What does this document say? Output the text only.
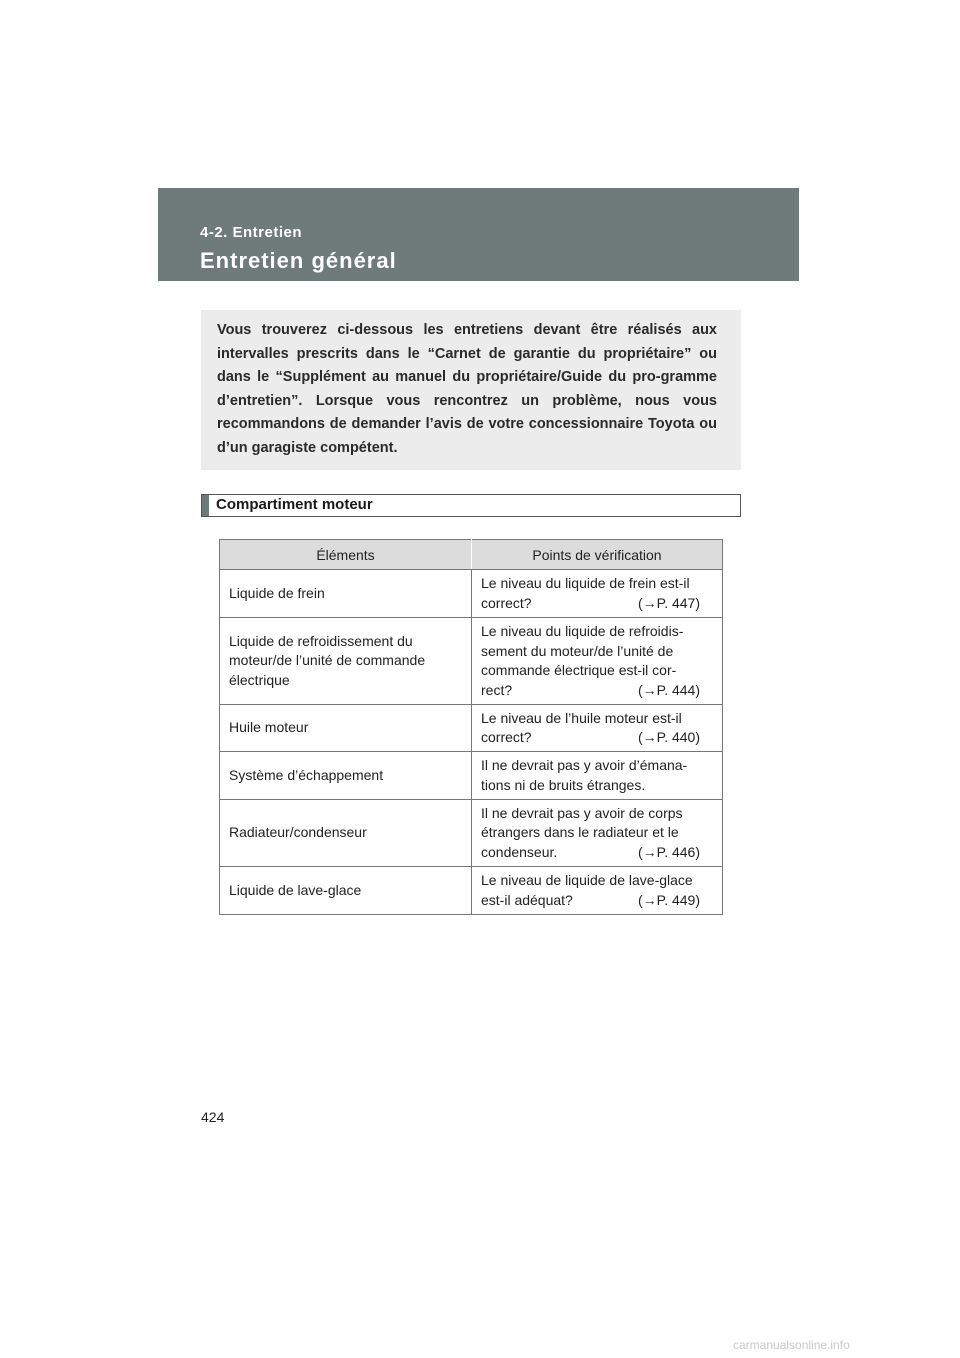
4-2. Entretien
Entretien général

Vous trouverez ci-dessous les entretiens devant être réalisés aux intervalles prescrits dans le “Carnet de garantie du propriétaire” ou dans le “Supplément au manuel du propriétaire/Guide du pro-gramme d’entretien”. Lorsque vous rencontrez un problème, nous vous recommandons de demander l’avis de votre concessionnaire Toyota ou d’un garagiste compétent.

Compartiment moteur
Éléments	Points de vérification
Liquide de frein	Le niveau du liquide de frein est-il
correct? (→P. 447)

Liquide de refroidissement du moteur/de l’unité de commande électrique	Le niveau du liquide de refroidis-
sement du moteur/de l’unité de
commande électrique est-il cor-
rect? (→P. 444)

Huile moteur	Le niveau de l’huile moteur est-il
correct? (→P. 440)

Système d’échappement	Il ne devrait pas y avoir d’émana-
tions ni de bruits étranges.

Radiateur/condenseur	Il ne devrait pas y avoir de corps
étrangers dans le radiateur et le
condenseur. (→P. 446)

Liquide de lave-glace	Le niveau de liquide de lave-glace
est-il adéquat? (→P. 449)
424
carmanualsonline.info
